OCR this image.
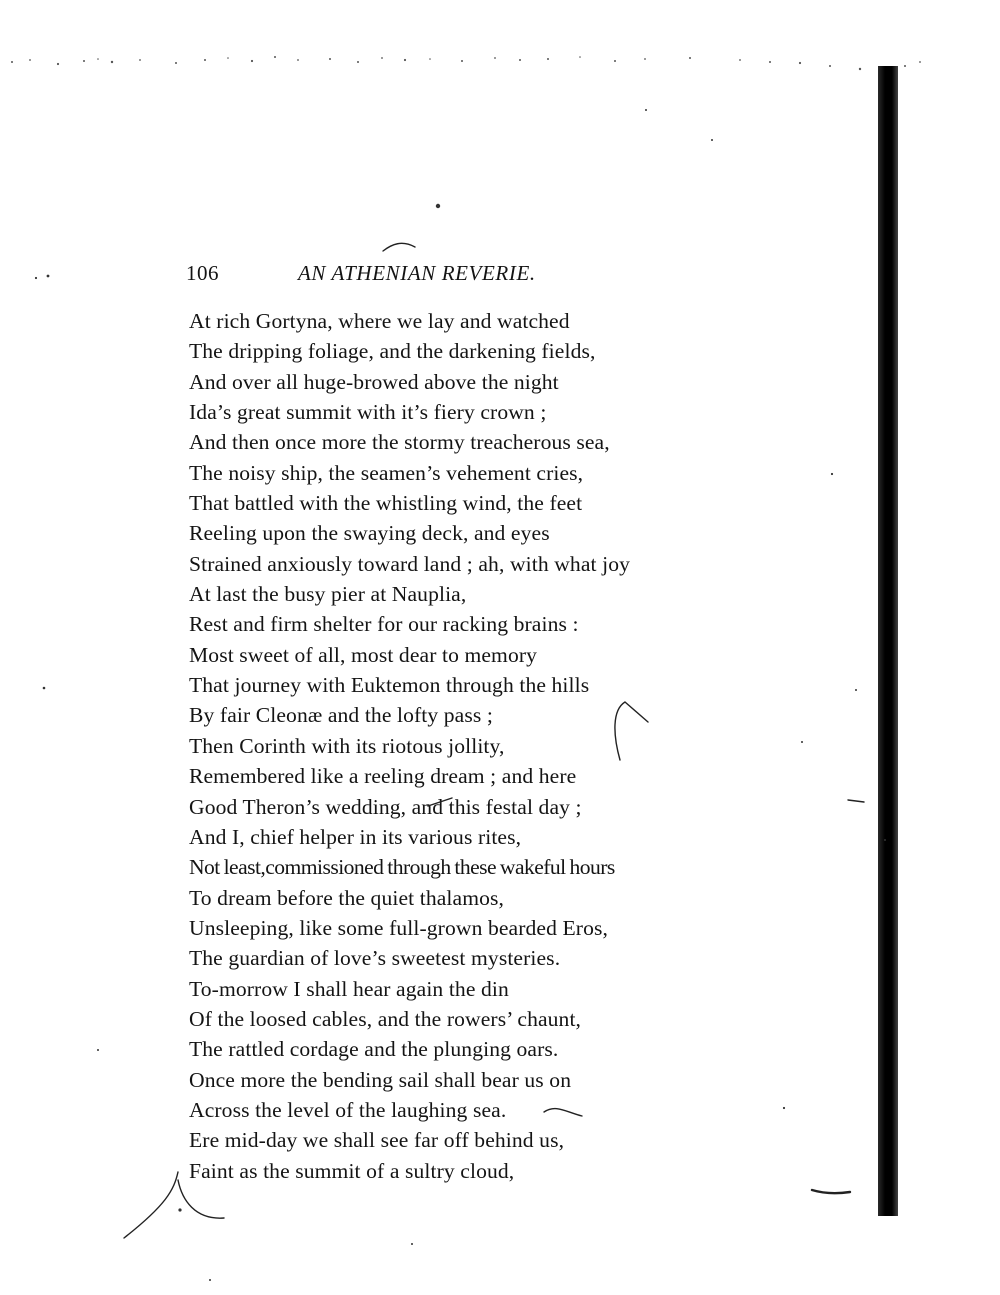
106	AN ATHENIAN REVERIE.
At rich Gortyna, where we lay and watched
The dripping foliage, and the darkening fields,
And over all huge-browed above the night
Ida’s great summit with it’s fiery crown ;
And then once more the stormy treacherous sea,
The noisy ship, the seamen’s vehement cries,
That battled with the whistling wind, the feet
Reeling upon the swaying deck, and eyes
Strained anxiously toward land ; ah, with what joy
At last the busy pier at Nauplia,
Rest and firm shelter for our racking brains :
Most sweet of all, most dear to memory
That journey with Euktemon through the hills
By fair Cleonæ and the lofty pass ;
Then Corinth with its riotous jollity,
Remembered like a reeling dream ; and here
Good Theron’s wedding, and this festal day ;
And I, chief helper in its various rites,
Not least,commissioned through these wakeful hours
To dream before the quiet thalamos,
Unsleeping, like some full-grown bearded Eros,
The guardian of love’s sweetest mysteries.
To-morrow I shall hear again the din
Of the loosed cables, and the rowers’ chaunt,
The rattled cordage and the plunging oars.
Once more the bending sail shall bear us on
Across the level of the laughing sea.
Ere mid-day we shall see far off behind us,
Faint as the summit of a sultry cloud,
